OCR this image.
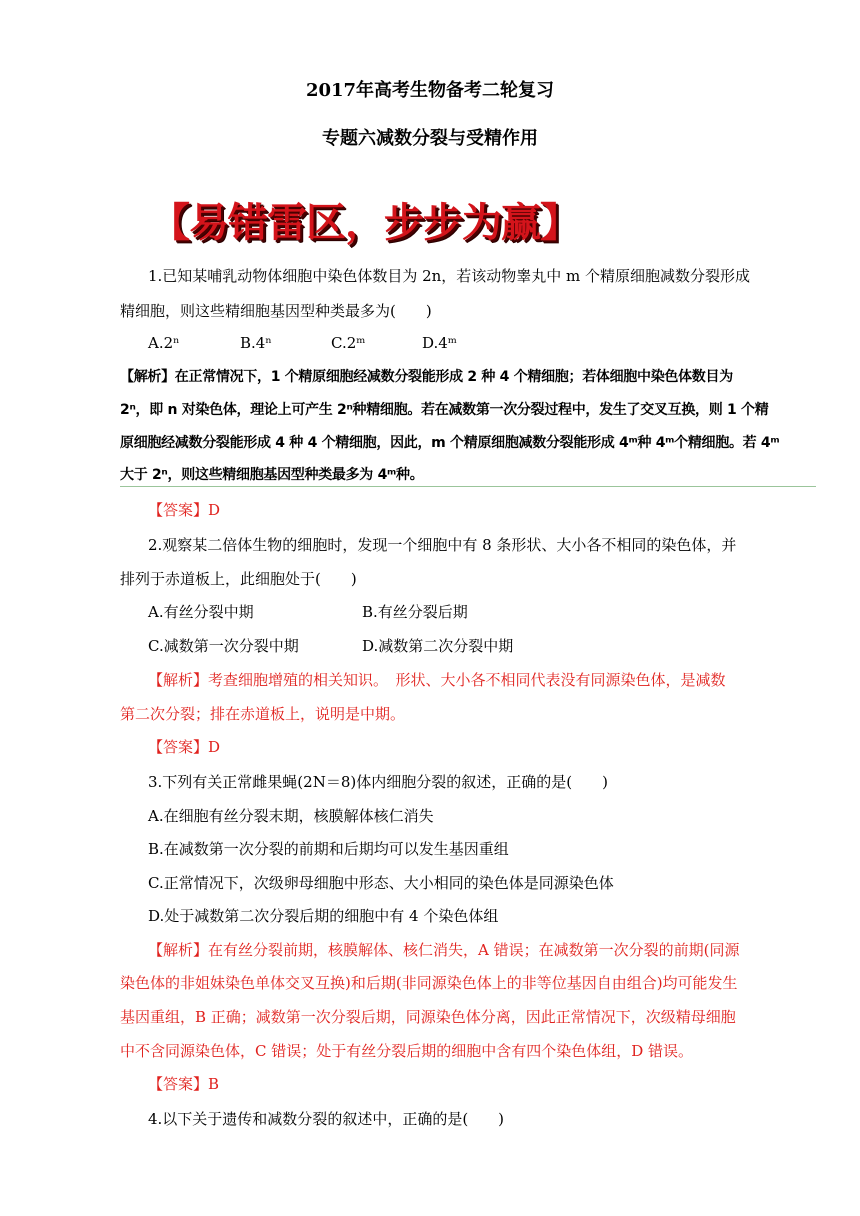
2017年高考生物备考二轮复习
专题六减数分裂与受精作用
【易错雷区，步步为赢】
1.已知某哺乳动物体细胞中染色体数目为 2n，若该动物睾丸中 m 个精原细胞减数分裂形成
精细胞，则这些精细胞基因型种类最多为(　　)
A.2ⁿ	B.4ⁿ	C.2ᵐ	D.4ᵐ
【解析】在正常情况下，1 个精原细胞经减数分裂能形成 2 种 4 个精细胞；若体细胞中染色体数目为
2ⁿ，即 n 对染色体，理论上可产生 2ⁿ种精细胞。若在减数第一次分裂过程中，发生了交叉互换，则 1 个精
原细胞经减数分裂能形成 4 种 4 个精细胞，因此，m 个精原细胞减数分裂能形成 4ᵐ种 4ᵐ个精细胞。若 4ᵐ
大于 2ⁿ，则这些精细胞基因型种类最多为 4ᵐ种。
【答案】D
2.观察某二倍体生物的细胞时，发现一个细胞中有 8 条形状、大小各不相同的染色体，并
排列于赤道板上，此细胞处于(　　)
A.有丝分裂中期	B.有丝分裂后期
C.减数第一次分裂中期	D.减数第二次分裂中期
【解析】考查细胞增殖的相关知识。　形状、大小各不相同代表没有同源染色体，是减数
第二次分裂；排在赤道板上，说明是中期。
【答案】D
3.下列有关正常雌果蝇(2N＝8)体内细胞分裂的叙述，正确的是(　　)
A.在细胞有丝分裂末期，核膜解体核仁消失
B.在减数第一次分裂的前期和后期均可以发生基因重组
C.正常情况下，次级卵母细胞中形态、大小相同的染色体是同源染色体
D.处于减数第二次分裂后期的细胞中有 4 个染色体组
【解析】在有丝分裂前期，核膜解体、核仁消失，A 错误；在减数第一次分裂的前期(同源
染色体的非姐妹染色单体交叉互换)和后期(非同源染色体上的非等位基因自由组合)均可能发生
基因重组，B 正确；减数第一次分裂后期，同源染色体分离，因此正常情况下，次级精母细胞
中不含同源染色体，C 错误；处于有丝分裂后期的细胞中含有四个染色体组，D 错误。
【答案】B
4.以下关于遗传和减数分裂的叙述中，正确的是(　　)
